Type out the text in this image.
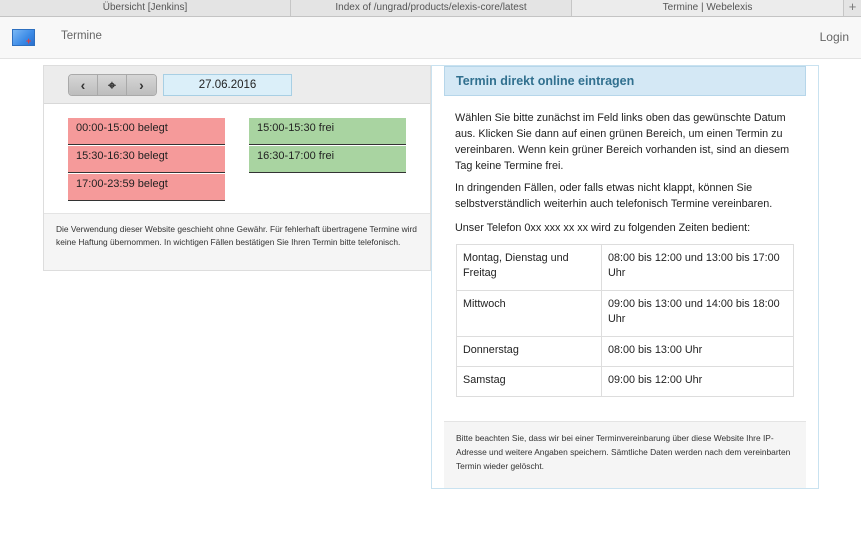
Übersicht [Jenkins]	Index of /ungrad/products/elexis-core/latest	Termine | Webelexis	+
+	Termine	Login
‹	⌖	›	27.06.2016
00:00-15:00 belegt
15:30-16:30 belegt
17:00-23:59 belegt
15:00-15:30 frei
16:30-17:00 frei
Die Verwendung dieser Website geschieht ohne Gewähr. Für fehlerhaft übertragene Termine wird keine Haftung übernommen. In wichtigen Fällen bestätigen Sie Ihren Termin bitte telefonisch.
Termin direkt online eintragen

Wählen Sie bitte zunächst im Feld links oben das gewünschte Datum aus. Klicken Sie dann auf einen grünen Bereich, um einen Termin zu vereinbaren. Wenn kein grüner Bereich vorhanden ist, sind an diesem Tag keine Termine frei.

In dringenden Fällen, oder falls etwas nicht klappt, können Sie selbstverständlich weiterhin auch telefonisch Termine vereinbaren.

Unser Telefon 0xx xxx xx xx wird zu folgenden Zeiten bedient:

Montag, Dienstag und Freitag	08:00 bis 12:00 und 13:00 bis 17:00 Uhr
Mittwoch	09:00 bis 13:00 und 14:00 bis 18:00 Uhr
Donnerstag	08:00 bis 13:00 Uhr
Samstag	09:00 bis 12:00 Uhr
Bitte beachten Sie, dass wir bei einer Terminvereinbarung über diese Website Ihre IP-Adresse und weitere Angaben speichern. Sämtliche Daten werden nach dem vereinbarten Termin wieder gelöscht.
